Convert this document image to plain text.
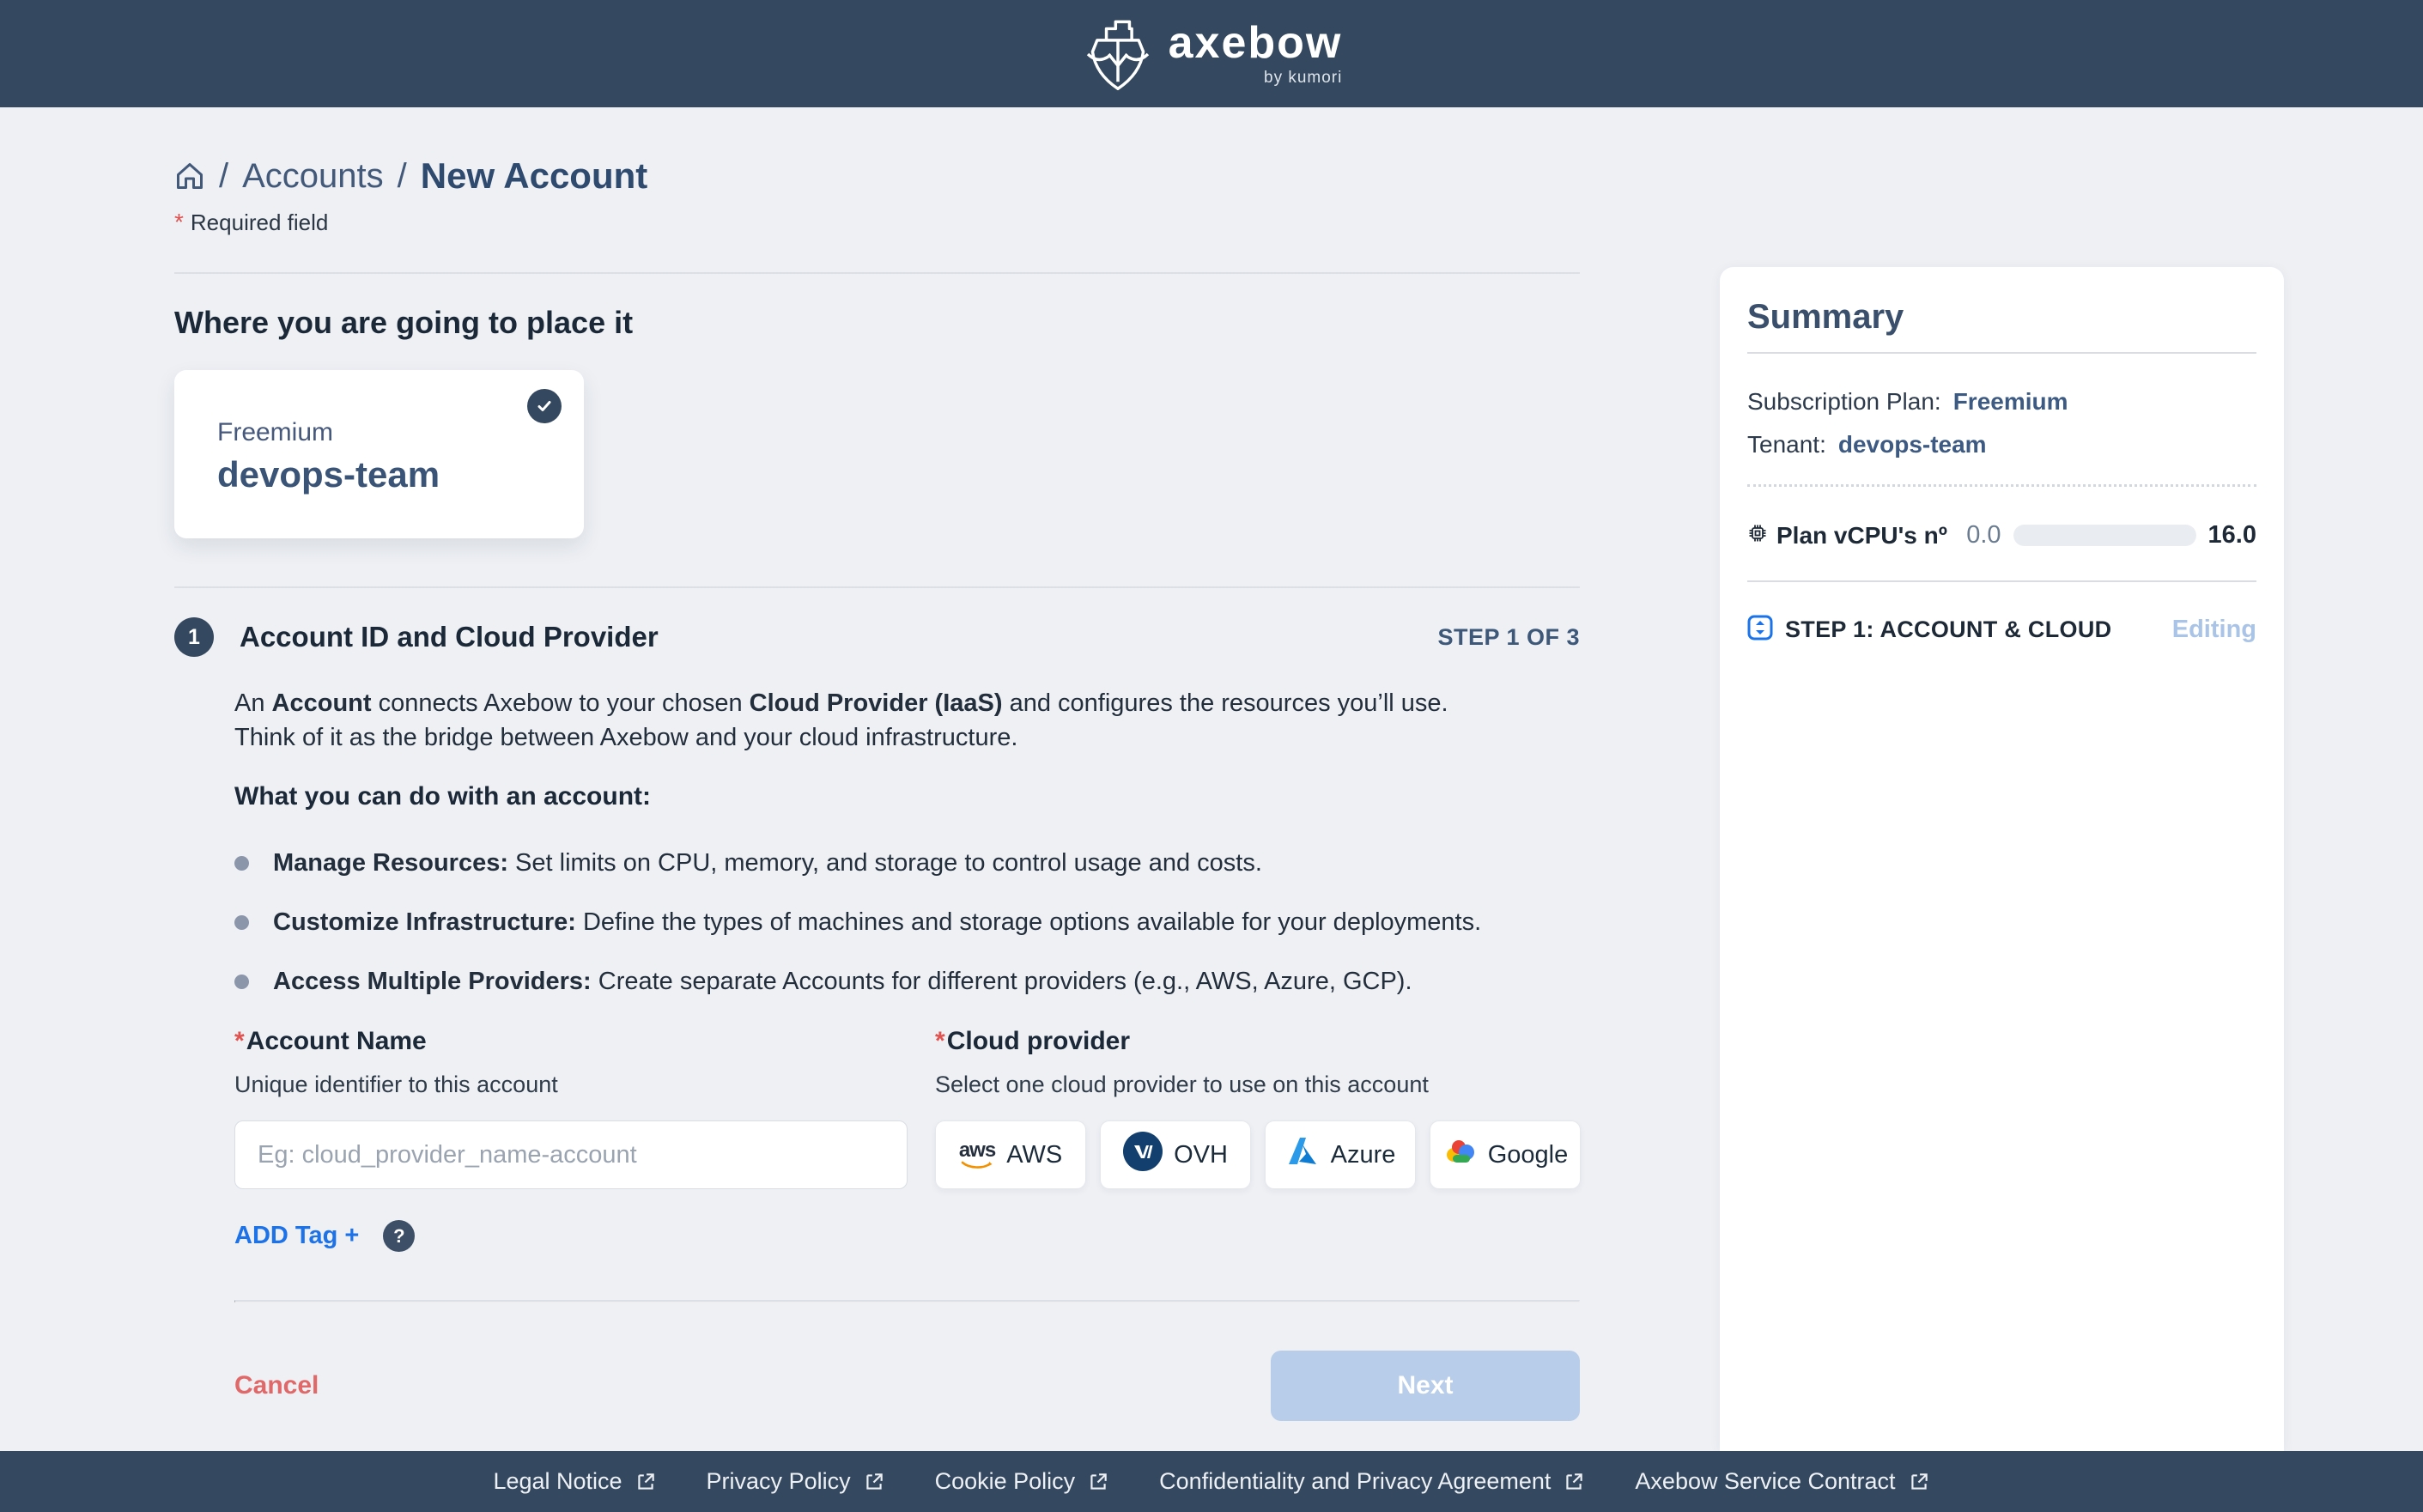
axebow
by kumori
/ Accounts / New Account
* Required field
Where you are going to place it
Freemium
devops-team
1	Account ID and Cloud Provider	STEP 1 OF 3

An Account connects Axebow to your chosen Cloud Provider (IaaS) and configures the resources you’ll use.
Think of it as the bridge between Axebow and your cloud infrastructure.

What you can do with an account:
Manage Resources: Set limits on CPU, memory, and storage to control usage and costs.
Customize Infrastructure: Define the types of machines and storage options available for your deployments.
Access Multiple Providers: Create separate Accounts for different providers (e.g., AWS, Azure, GCP).
*Account Name
Unique identifier to this account
Eg: cloud_provider_name-account
ADD Tag +	?
*Cloud provider
Select one cloud provider to use on this account
aws AWS	OVH	Azure	Google
Cancel	Next
Summary
Subscription Plan: Freemium
Tenant: devops-team
Plan vCPU's nº 0.0	16.0
STEP 1: ACCOUNT & CLOUD Editing
Legal Notice	Privacy Policy	Cookie Policy	Confidentiality and Privacy Agreement	Axebow Service Contract
